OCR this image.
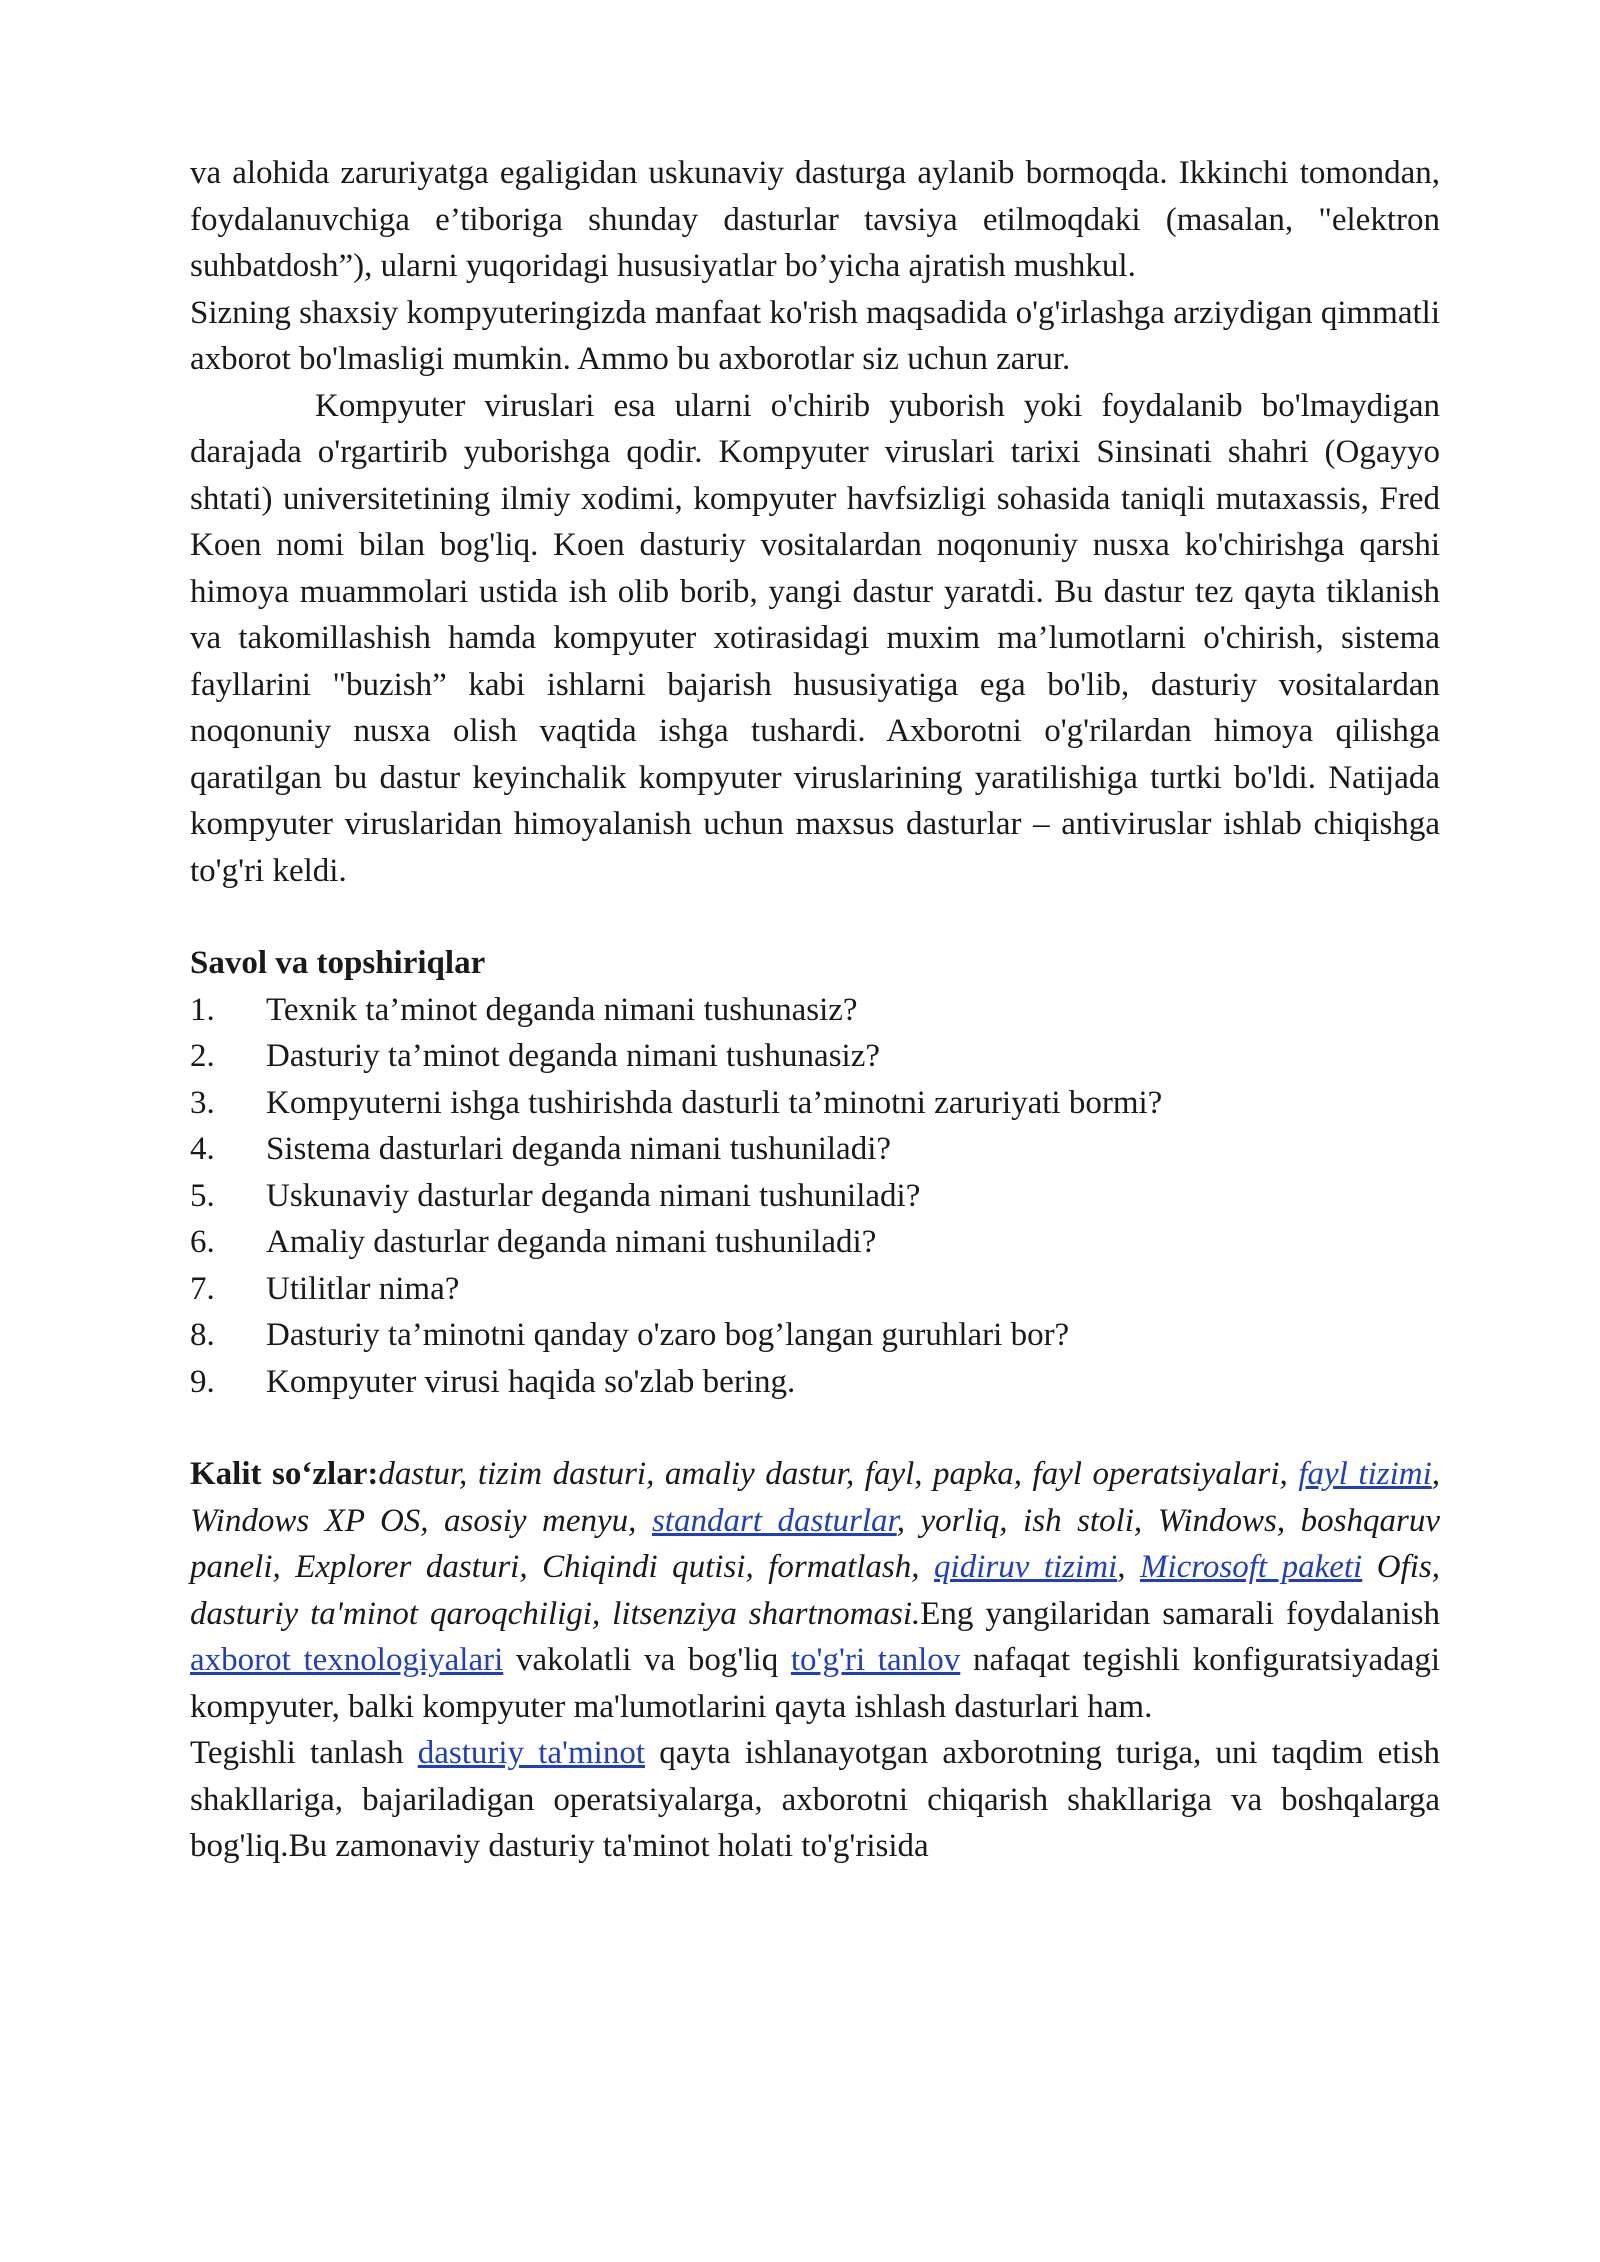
va alohida zaruriyatga egaligidan uskunaviy dasturga aylanib bormoqda. Ikkinchi tomondan, foydalanuvchiga e’tiboriga shunday dasturlar tavsiya etilmoqdaki (masalan, "elektron suhbatdosh”), ularni yuqoridagi hususiyatlar bo’yicha ajratish mushkul.

Sizning shaxsiy kompyuteringizda manfaat ko'rish maqsadida o'g'irlashga arziydigan qimmatli axborot bo'lmasligi mumkin. Ammo bu axborotlar siz uchun zarur.

Kompyuter viruslari esa ularni o'chirib yuborish yoki foydalanib bo'lmaydigan darajada o'rgartirib yuborishga qodir. Kompyuter viruslari tarixi Sinsinati shahri (Ogayyo shtati) universitetining ilmiy xodimi, kompyuter havfsizligi sohasida taniqli mutaxassis, Fred Koen nomi bilan bog'liq. Koen dasturiy vositalardan noqonuniy nusxa ko'chirishga qarshi himoya muammolari ustida ish olib borib, yangi dastur yaratdi. Bu dastur tez qayta tiklanish va takomillashish hamda kompyuter xotirasidagi muxim ma’lumotlarni o'chirish, sistema fayllarini "buzish” kabi ishlarni bajarish hususiyatiga ega bo'lib, dasturiy vositalardan noqonuniy nusxa olish vaqtida ishga tushardi. Axborotni o'g'rilardan himoya qilishga qaratilgan bu dastur keyinchalik kompyuter viruslarining yaratilishiga turtki bo'ldi. Natijada kompyuter viruslaridan himoyalanish uchun maxsus dasturlar – antiviruslar ishlab chiqishga to'g'ri keldi.

Savol va topshiriqlar

1.	Texnik ta’minot deganda nimani tushunasiz?
2.	Dasturiy ta’minot deganda nimani tushunasiz?
3.	Kompyuterni ishga tushirishda dasturli ta’minotni zaruriyati bormi?
4.	Sistema dasturlari deganda nimani tushuniladi?
5.	Uskunaviy dasturlar deganda nimani tushuniladi?
6.	Amaliy dasturlar deganda nimani tushuniladi?
7.	Utilitlar nima?
8.	Dasturiy ta’minotni qanday o'zaro bog’langan guruhlari bor?
9.	Kompyuter virusi haqida so'zlab bering.

Kalit so‘zlar:dastur, tizim dasturi, amaliy dastur, fayl, papka, fayl operatsiyalari, fayl tizimi, Windows XP OS, asosiy menyu, standart dasturlar, yorliq, ish stoli, Windows, boshqaruv paneli, Explorer dasturi, Chiqindi qutisi, formatlash, qidiruv tizimi, Microsoft paketi Ofis, dasturiy ta'minot qaroqchiligi, litsenziya shartnomasi.Eng yangilaridan samarali foydalanish axborot texnologiyalari vakolatli va bog'liq to'g'ri tanlov nafaqat tegishli konfiguratsiyadagi kompyuter, balki kompyuter ma'lumotlarini qayta ishlash dasturlari ham.

Tegishli tanlash dasturiy ta'minot qayta ishlanayotgan axborotning turiga, uni taqdim etish shakllariga, bajariladigan operatsiyalarga, axborotni chiqarish shakllariga va boshqalarga bog'liq.Bu zamonaviy dasturiy ta'minot holati to'g'risida
